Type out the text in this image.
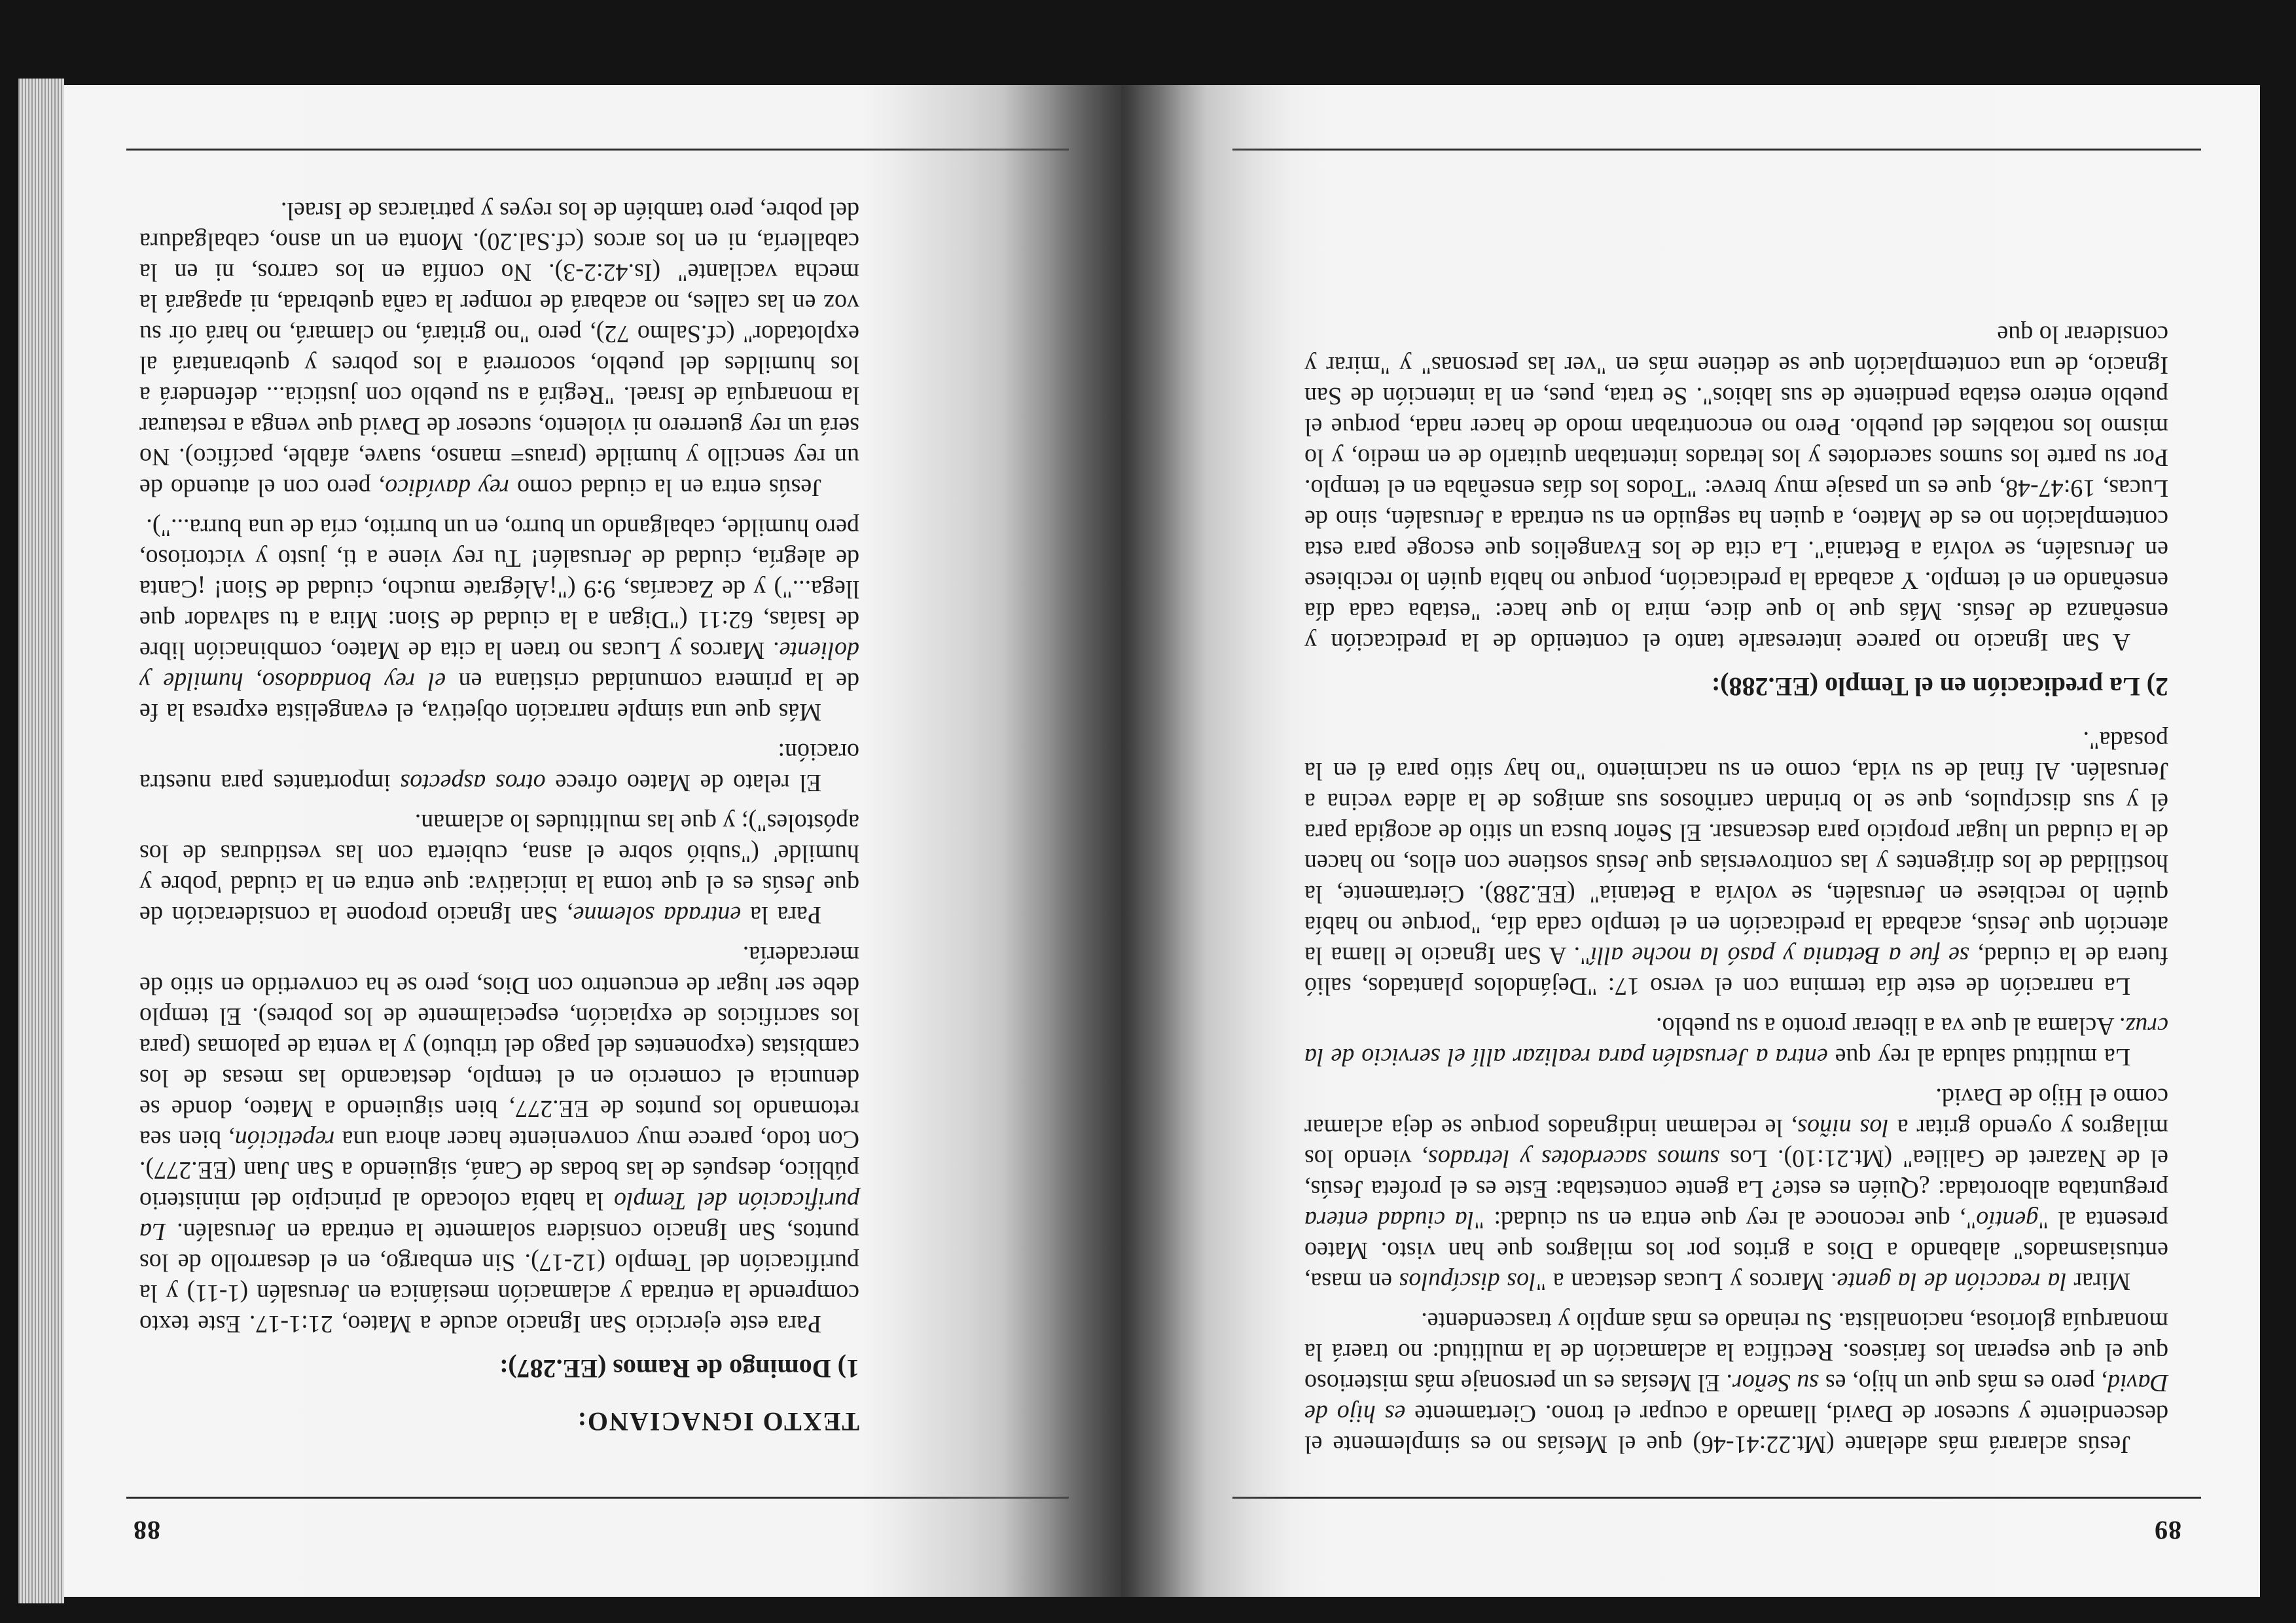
89

Jesús aclarará más adelante (Mt.22:41-46) que el Mesías no es simplemente el descendiente y sucesor de David, llamado a ocupar el trono. Ciertamente es hijo de David, pero es más que un hijo, es su Señor. El Mesías es un personaje más misterioso que el que esperan los fariseos. Rectifica la aclamación de la multitud: no traerá la monarquía gloriosa, nacionalista. Su reinado es más amplio y trascendente.

Mirar la reacción de la gente. Marcos y Lucas destacan a "los discípulos en masa, entusiasmados" alabando a Dios a gritos por los milagros que han visto. Mateo presenta al "gentío", que reconoce al rey que entra en su ciudad: "la ciudad entera preguntaba alborotada: ¿Quién es este? La gente contestaba: Este es el profeta Jesús, el de Nazaret de Galilea" (Mt.21:10). Los sumos sacerdotes y letrados, viendo los milagros y oyendo gritar a los niños, le reclaman indignados porque se deja aclamar como el Hijo de David.

La multitud saluda al rey que entra a Jerusalén para realizar allí el servicio de la cruz. Aclama al que va a liberar pronto a su pueblo.

La narración de este día termina con el verso 17: "Dejándolos plantados, salió fuera de la ciudad, se fue a Betania y pasó la noche allí". A San Ignacio le llama la atención que Jesús, acabada la predicación en el templo cada día, "porque no había quién lo recibiese en Jerusalén, se volvía a Betania" (EE.288). Ciertamente, la hostilidad de los dirigentes y las controversias que Jesús sostiene con ellos, no hacen de la ciudad un lugar propicio para descansar. El Señor busca un sitio de acogida para él y sus discípulos, que se lo brindan cariñosos sus amigos de la aldea vecina a Jerusalén. Al final de su vida, como en su nacimiento "no hay sitio para él en la posada".

2) La predicación en el Templo (EE.288):

A San Ignacio no parece interesarle tanto el contenido de la predicación y enseñanza de Jesús. Más que lo que dice, mira lo que hace: "estaba cada día enseñando en el templo. Y acabada la predicación, porque no había quién lo recibiese en Jerusalén, se volvía a Betania". La cita de los Evangelios que escoge para esta contemplación no es de Mateo, a quien ha seguido en su entrada a Jerusalén, sino de Lucas, 19:47-48, que es un pasaje muy breve: "Todos los días enseñaba en el templo. Por su parte los sumos sacerdotes y los letrados intentaban quitarlo de en medio, y lo mismo los notables del pueblo. Pero no encontraban modo de hacer nada, porque el pueblo entero estaba pendiente de sus labios". Se trata, pues, en la intención de San Ignacio, de una contemplación que se detiene más en "ver las personas" y "mirar y considerar lo que

88

TEXTO IGNACIANO:

1) Domingo de Ramos (EE.287):

Para este ejercicio San Ignacio acude a Mateo, 21:1-17. Este texto comprende la entrada y aclamación mesiánica en Jerusalén (1-11) y la purificación del Templo (12-17). Sin embargo, en el desarrollo de los puntos, San Ignacio considera solamente la entrada en Jerusalén. La purificación del Templo la había colocado al principio del ministerio público, después de las bodas de Caná, siguiendo a San Juan (EE.277). Con todo, parece muy conveniente hacer ahora una repetición, bien sea retomando los puntos de EE.277, bien siguiendo a Mateo, donde se denuncia el comercio en el templo, destacando las mesas de los cambistas (exponentes del pago del tributo) y la venta de palomas (para los sacrificios de expiación, especialmente de los pobres). El templo debe ser lugar de encuentro con Dios, pero se ha convertido en sitio de mercadería.

Para la entrada solemne, San Ignacio propone la consideración de que Jesús es el que toma la iniciativa: que entra en la ciudad 'pobre y humilde' ("subió sobre el asna, cubierta con las vestiduras de los apóstoles"); y que las multitudes lo aclaman.

El relato de Mateo ofrece otros aspectos importantes para nuestra oración:

Más que una simple narración objetiva, el evangelista expresa la fe de la primera comunidad cristiana en el rey bondadoso, humilde y doliente. Marcos y Lucas no traen la cita de Mateo, combinación libre de Isaías, 62:11 ("Digan a la ciudad de Sion: Mira a tu salvador que llega...") y de Zacarías, 9:9 ("¡Alégrate mucho, ciudad de Sion! ¡Canta de alegría, ciudad de Jerusalén! Tu rey viene a ti, justo y victorioso, pero humilde, cabalgando un burro, en un burrito, cría de una burra...").

Jesús entra en la ciudad como rey davídico, pero con el atuendo de un rey sencillo y humilde (praus= manso, suave, afable, pacífico). No será un rey guerrero ni violento, sucesor de David que venga a restaurar la monarquía de Israel. "Regirá a su pueblo con justicia... defenderá a los humildes del pueblo, socorrerá a los pobres y quebrantará al explotador" (cf.Salmo 72), pero "no gritará, no clamará, no hará oír su voz en las calles, no acabará de romper la caña quebrada, ni apagará la mecha vacilante" (Is.42:2-3). No confía en los carros, ni en la caballería, ni en los arcos (cf.Sal.20). Monta en un asno, cabalgadura del pobre, pero también de los reyes y patriarcas de Israel.
